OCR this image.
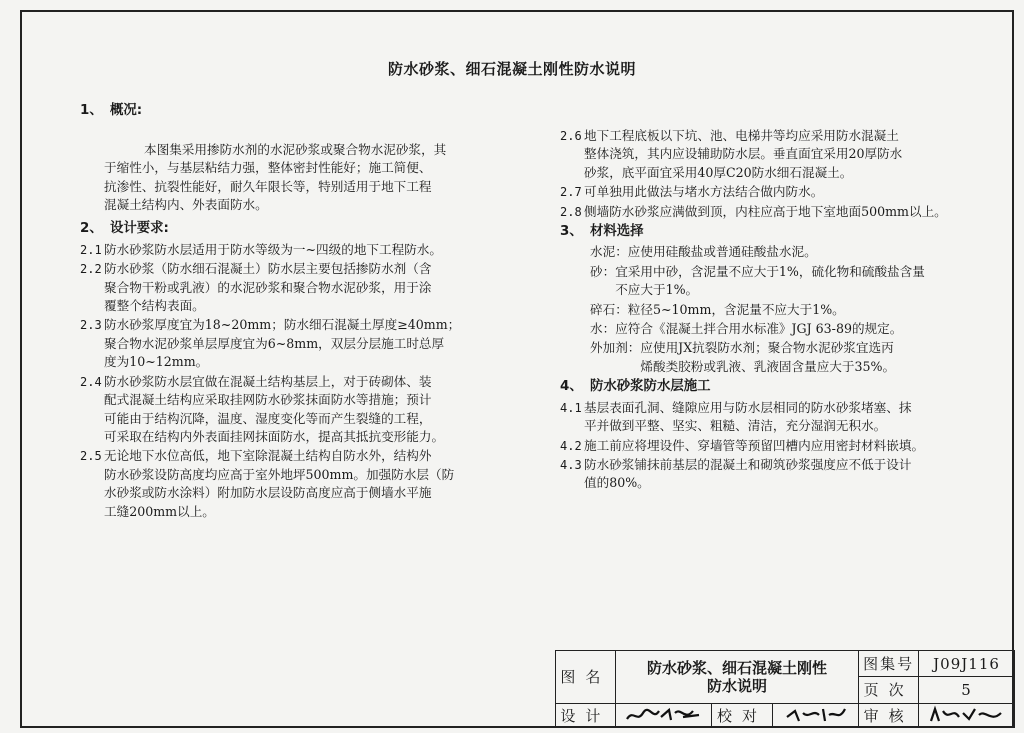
防水砂浆、细石混凝土刚性防水说明
1、 概况:

本图集采用掺防水剂的水泥砂浆或聚合物水泥砂浆，其
于缩性小，与基层粘结力强，整体密封性能好；施工简便、
抗渗性、抗裂性能好，耐久年限长等，特别适用于地下工程
混凝土结构内、外表面防水。

2、 设计要求:
2.1 防水砂浆防水层适用于防水等级为一~四级的地下工程防水。
2.2 防水砂浆（防水细石混凝土）防水层主要包括掺防水剂（含
聚合物干粉或乳液）的水泥砂浆和聚合物水泥砂浆，用于涂
覆整个结构表面。
2.3 防水砂浆厚度宜为18~20mm；防水细石混凝土厚度≥40mm；
聚合物水泥砂浆单层厚度宜为6~8mm，双层分层施工时总厚
度为10~12mm。
2.4 防水砂浆防水层宜做在混凝土结构基层上，对于砖砌体、装
配式混凝土结构应采取挂网防水砂浆抹面防水等措施；预计
可能由于结构沉降，温度、湿度变化等而产生裂缝的工程，
可采取在结构内外表面挂网抹面防水，提高其抵抗变形能力。
2.5 无论地下水位高低，地下室除混凝土结构自防水外，结构外
防水砂浆设防高度均应高于室外地坪500mm。加强防水层（防
水砂浆或防水涂料）附加防水层设防高度应高于侧墙水平施
工缝200mm以上。
2.6 地下工程底板以下坑、池、电梯井等均应采用防水混凝土
整体浇筑，其内应设辅助防水层。垂直面宜采用20厚防水
砂浆，底平面宜采用40厚C20防水细石混凝土。
2.7 可单独用此做法与堵水方法结合做内防水。
2.8 侧墙防水砂浆应满做到顶，内柱应高于地下室地面500mm以上。
3、 材料选择
水泥： 应使用硅酸盐或普通硅酸盐水泥。
砂： 宜采用中砂，含泥量不应大于1%，硫化物和硫酸盐含量
不应大于1%。
碎石： 粒径5~10mm，含泥量不应大于1%。
水： 应符合《混凝土拌合用水标准》JGJ 63-89的规定。
外加剂： 应使用JX抗裂防水剂；聚合物水泥砂浆宜选丙
烯酸类胶粉或乳液、乳液固含量应大于35%。
4、 防水砂浆防水层施工
4.1 基层表面孔洞、缝隙应用与防水层相同的防水砂浆堵塞、抹
平并做到平整、坚实、粗糙、清洁，充分湿润无积水。
4.2 施工前应将埋设件、穿墙管等预留凹槽内应用密封材料嵌填。
4.3 防水砂浆铺抹前基层的混凝土和砌筑砂浆强度应不低于设计
值的80%。
图名	防水砂浆、细石混凝土刚性
防水说明			图集号	J09J116
				页次	5
设计		校对		审核	
